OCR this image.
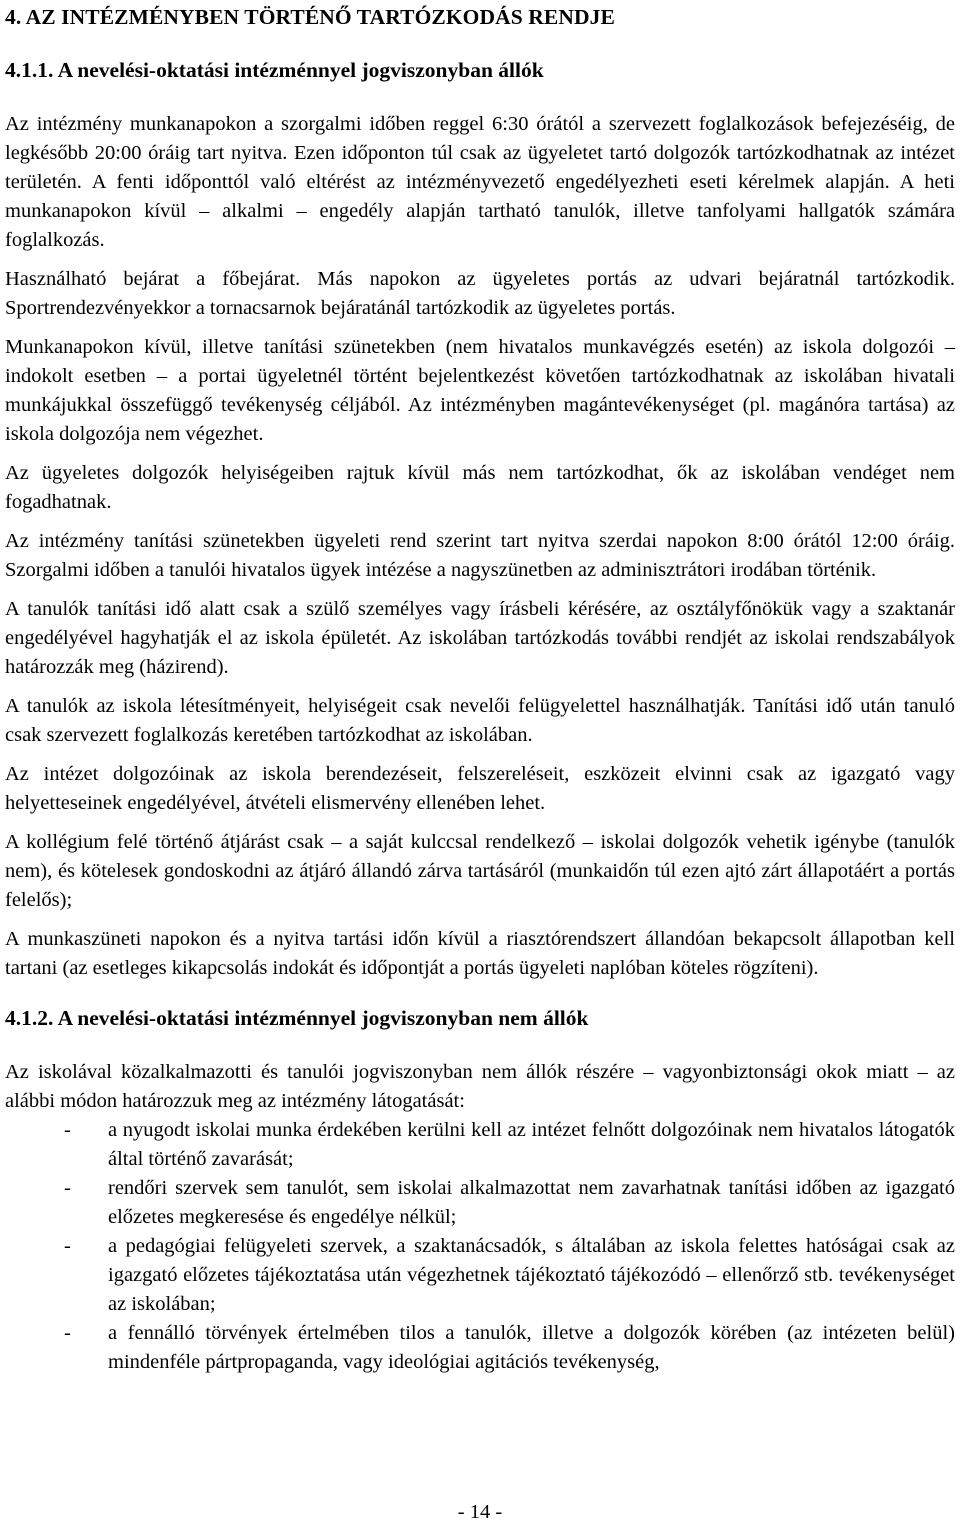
4. AZ INTÉZMÉNYBEN TÖRTÉNŐ TARTÓZKODÁS RENDJE
4.1.1. A nevelési-oktatási intézménnyel jogviszonyban állók

Az intézmény munkanapokon a szorgalmi időben reggel 6:30 órától a szervezett foglalkozások befejezéséig, de legkésőbb 20:00 óráig tart nyitva. Ezen időponton túl csak az ügyeletet tartó dolgozók tartózkodhatnak az intézet területén. A fenti időponttól való eltérést az intézményvezető engedélyezheti eseti kérelmek alapján. A heti munkanapokon kívül – alkalmi – engedély alapján tartható tanulók, illetve tanfolyami hallgatók számára foglalkozás.

Használható bejárat a főbejárat. Más napokon az ügyeletes portás az udvari bejáratnál tartózkodik. Sportrendezvényekkor a tornacsarnok bejáratánál tartózkodik az ügyeletes portás.

Munkanapokon kívül, illetve tanítási szünetekben (nem hivatalos munkavégzés esetén) az iskola dolgozói – indokolt esetben – a portai ügyeletnél történt bejelentkezést követően tartózkodhatnak az iskolában hivatali munkájukkal összefüggő tevékenység céljából. Az intézményben magántevékenységet (pl. magánóra tartása) az iskola dolgozója nem végezhet.

Az ügyeletes dolgozók helyiségeiben rajtuk kívül más nem tartózkodhat, ők az iskolában vendéget nem fogadhatnak.

Az intézmény tanítási szünetekben ügyeleti rend szerint tart nyitva szerdai napokon 8:00 órától 12:00 óráig. Szorgalmi időben a tanulói hivatalos ügyek intézése a nagyszünetben az adminisztrátori irodában történik.

A tanulók tanítási idő alatt csak a szülő személyes vagy írásbeli kérésére, az osztályfőnökük vagy a szaktanár engedélyével hagyhatják el az iskola épületét. Az iskolában tartózkodás további rendjét az iskolai rendszabályok határozzák meg (házirend).

A tanulók az iskola létesítményeit, helyiségeit csak nevelői felügyelettel használhatják. Tanítási idő után tanuló csak szervezett foglalkozás keretében tartózkodhat az iskolában.

Az intézet dolgozóinak az iskola berendezéseit, felszereléseit, eszközeit elvinni csak az igazgató vagy helyetteseinek engedélyével, átvételi elismervény ellenében lehet.

A kollégium felé történő átjárást csak – a saját kulccsal rendelkező – iskolai dolgozók vehetik igénybe (tanulók nem), és kötelesek gondoskodni az átjáró állandó zárva tartásáról (munkaidőn túl ezen ajtó zárt állapotáért a portás felelős);

A munkaszüneti napokon és a nyitva tartási időn kívül a riasztórendszert állandóan bekapcsolt állapotban kell tartani (az esetleges kikapcsolás indokát és időpontját a portás ügyeleti naplóban köteles rögzíteni).

4.1.2. A nevelési-oktatási intézménnyel jogviszonyban nem állók

Az iskolával közalkalmazotti és tanulói jogviszonyban nem állók részére – vagyonbiztonsági okok miatt – az alábbi módon határozzuk meg az intézmény látogatását:

- a nyugodt iskolai munka érdekében kerülni kell az intézet felnőtt dolgozóinak nem hivatalos látogatók által történő zavarását;
- rendőri szervek sem tanulót, sem iskolai alkalmazottat nem zavarhatnak tanítási időben az igazgató előzetes megkeresése és engedélye nélkül;
- a pedagógiai felügyeleti szervek, a szaktanácsadók, s általában az iskola felettes hatóságai csak az igazgató előzetes tájékoztatása után végezhetnek tájékoztató tájékozódó – ellenőrző stb. tevékenységet az iskolában;
- a fennálló törvények értelmében tilos a tanulók, illetve a dolgozók körében (az intézeten belül) mindenféle pártpropaganda, vagy ideológiai agitációs tevékenység,
- 14 -
